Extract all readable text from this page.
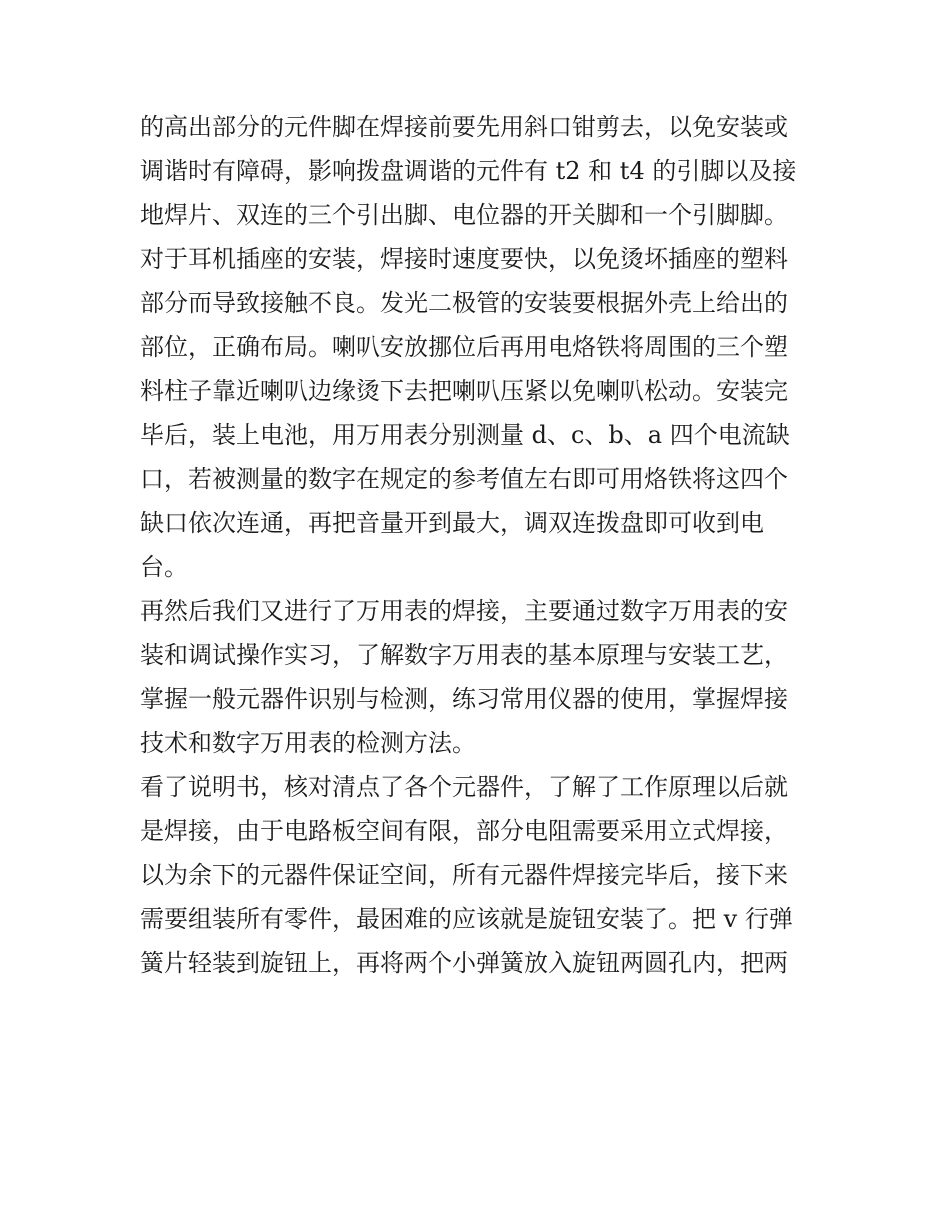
的高出部分的元件脚在焊接前要先用斜口钳剪去，以免安装或
调谐时有障碍，影响拨盘调谐的元件有 t2 和 t4 的引脚以及接
地焊片、双连的三个引出脚、电位器的开关脚和一个引脚脚。
对于耳机插座的安装，焊接时速度要快，以免烫坏插座的塑料
部分而导致接触不良。发光二极管的安装要根据外壳上给出的
部位，正确布局。喇叭安放挪位后再用电烙铁将周围的三个塑
料柱子靠近喇叭边缘烫下去把喇叭压紧以免喇叭松动。安装完
毕后，装上电池，用万用表分别测量 d、c、b、a 四个电流缺
口，若被测量的数字在规定的参考值左右即可用烙铁将这四个
缺口依次连通，再把音量开到最大，调双连拨盘即可收到电
台。
再然后我们又进行了万用表的焊接，主要通过数字万用表的安
装和调试操作实习，了解数字万用表的基本原理与安装工艺，
掌握一般元器件识别与检测，练习常用仪器的使用，掌握焊接
技术和数字万用表的检测方法。
看了说明书，核对清点了各个元器件，了解了工作原理以后就
是焊接，由于电路板空间有限，部分电阻需要采用立式焊接，
以为余下的元器件保证空间，所有元器件焊接完毕后，接下来
需要组装所有零件，最困难的应该就是旋钮安装了。把 v 行弹
簧片轻装到旋钮上，再将两个小弹簧放入旋钮两圆孔内，把两
